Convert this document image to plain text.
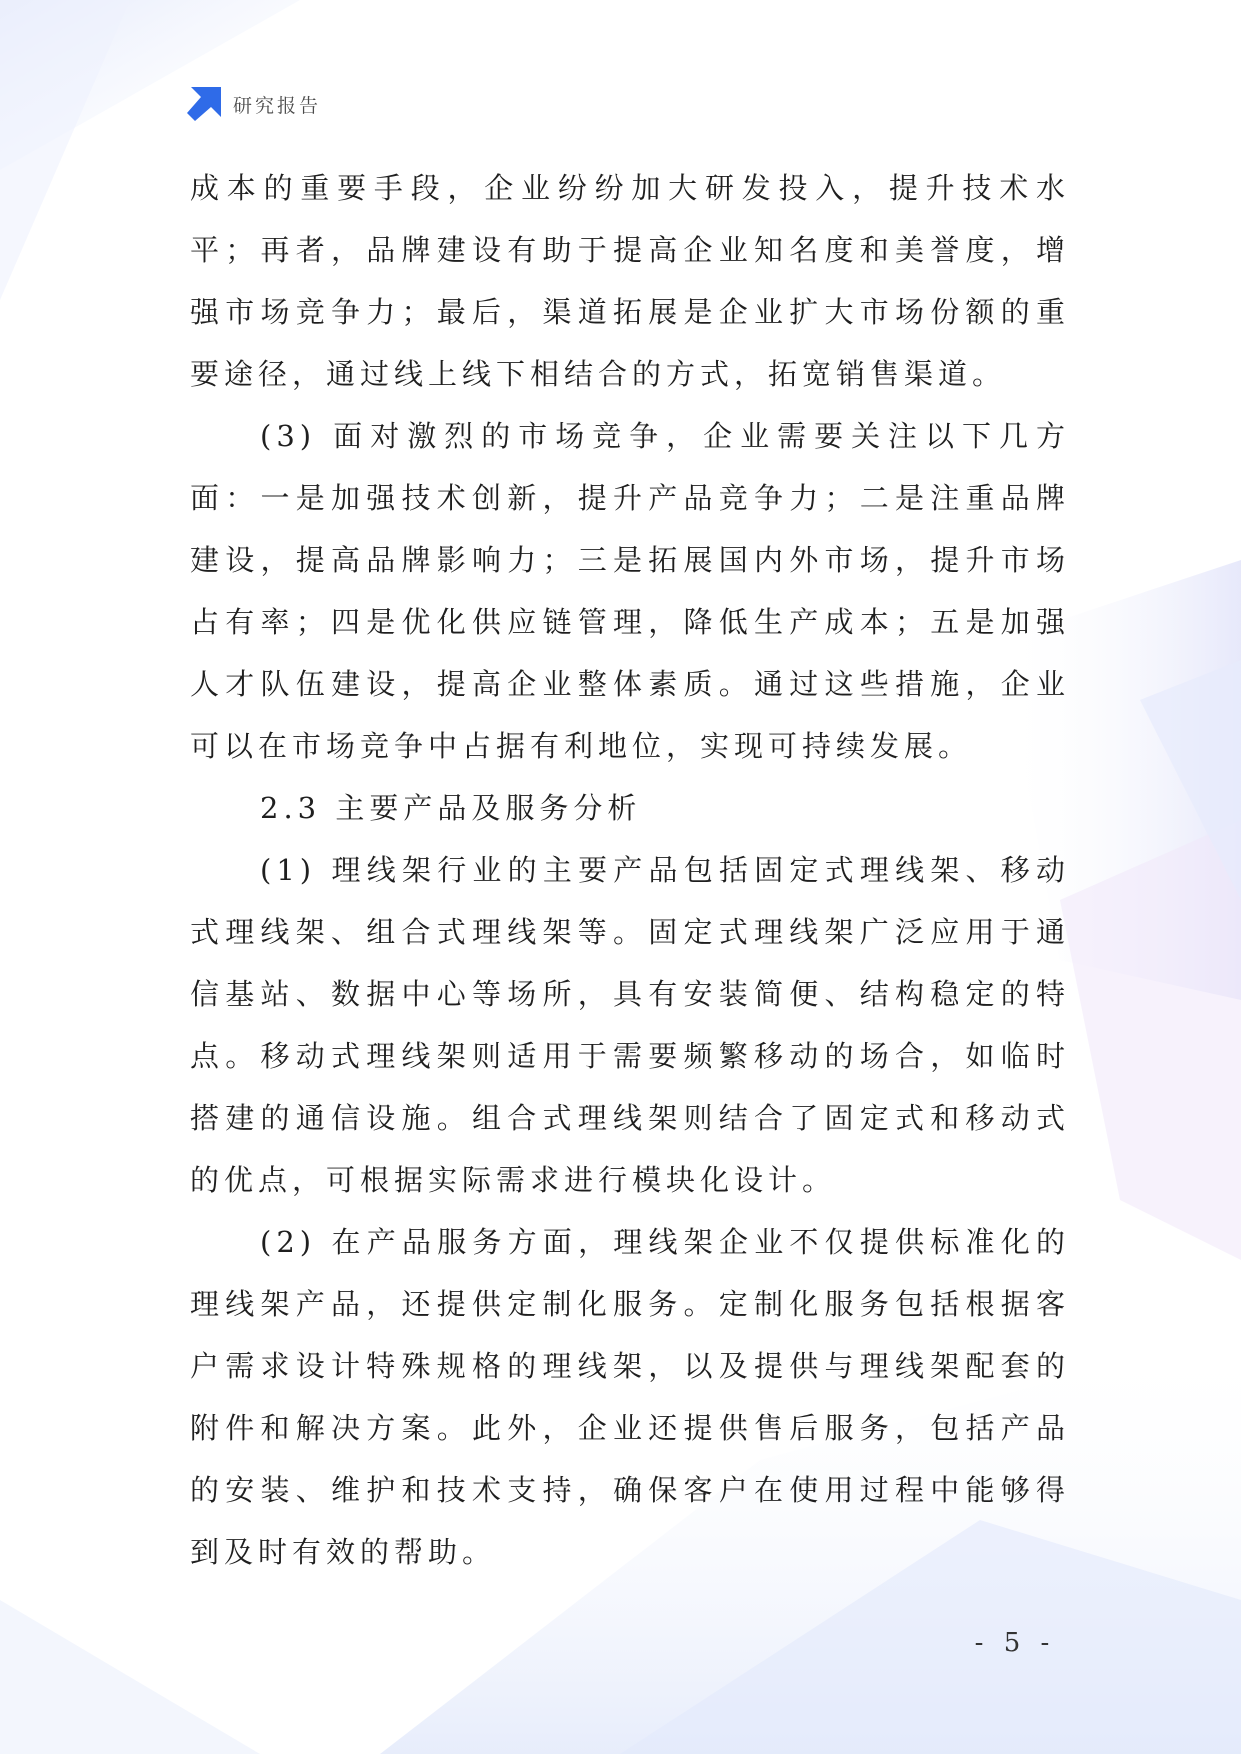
研究报告

成本的重要手段，企业纷纷加大研发投入，提升技术水平；再者，品牌建设有助于提高企业知名度和美誉度，增强市场竞争力；最后，渠道拓展是企业扩大市场份额的重要途径，通过线上线下相结合的方式，拓宽销售渠道。

(3) 面对激烈的市场竞争，企业需要关注以下几方面：一是加强技术创新，提升产品竞争力；二是注重品牌建设，提高品牌影响力；三是拓展国内外市场，提升市场占有率；四是优化供应链管理，降低生产成本；五是加强人才队伍建设，提高企业整体素质。通过这些措施，企业可以在市场竞争中占据有利地位，实现可持续发展。

2.3 主要产品及服务分析

(1) 理线架行业的主要产品包括固定式理线架、移动式理线架、组合式理线架等。固定式理线架广泛应用于通信基站、数据中心等场所，具有安装简便、结构稳定的特点。移动式理线架则适用于需要频繁移动的场合，如临时搭建的通信设施。组合式理线架则结合了固定式和移动式的优点，可根据实际需求进行模块化设计。

(2) 在产品服务方面，理线架企业不仅提供标准化的理线架产品，还提供定制化服务。定制化服务包括根据客户需求设计特殊规格的理线架，以及提供与理线架配套的附件和解决方案。此外，企业还提供售后服务，包括产品的安装、维护和技术支持，确保客户在使用过程中能够得到及时有效的帮助。

- 5 -
